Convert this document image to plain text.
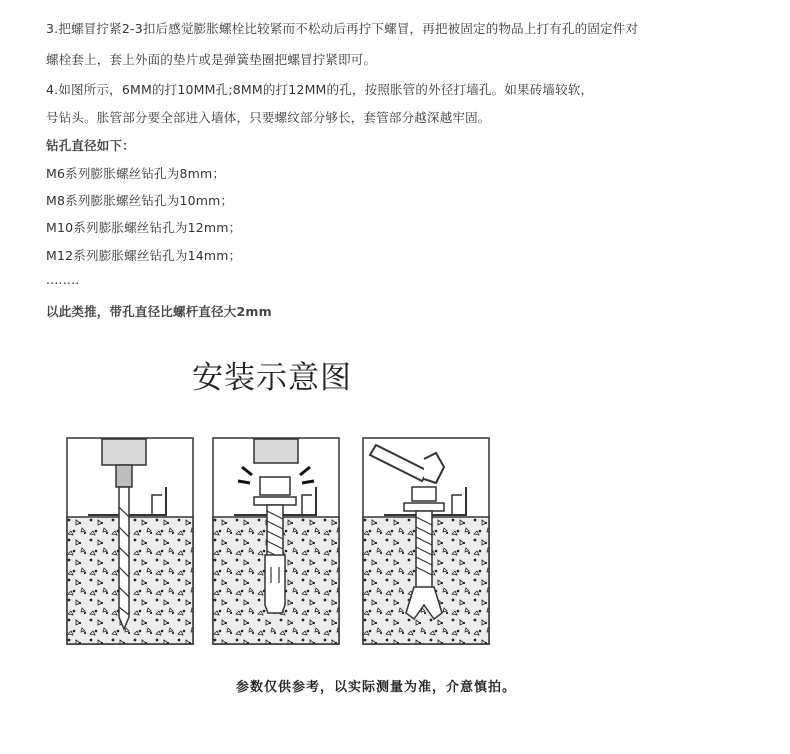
3.把螺冒拧紧2-3扣后感觉膨胀螺栓比较紧而不松动后再拧下螺冒，再把被固定的物品上打有孔的固定件对
螺栓套上，套上外面的垫片或是弹簧垫圈把螺冒拧紧即可。
4.如图所示，6MM的打10MM孔;8MM的打12MM的孔，按照胀管的外径打墙孔。如果砖墙较软，
号钻头。胀管部分要全部进入墙体，只要螺纹部分够长，套管部分越深越牢固。
钻孔直径如下：
M6系列膨胀螺丝钻孔为8mm；
M8系列膨胀螺丝钻孔为10mm；
M10系列膨胀螺丝钻孔为12mm；
M12系列膨胀螺丝钻孔为14mm；
........
以此类推，带孔直径比螺杆直径大2mm
安装示意图
参数仅供参考，以实际测量为准，介意慎拍。
